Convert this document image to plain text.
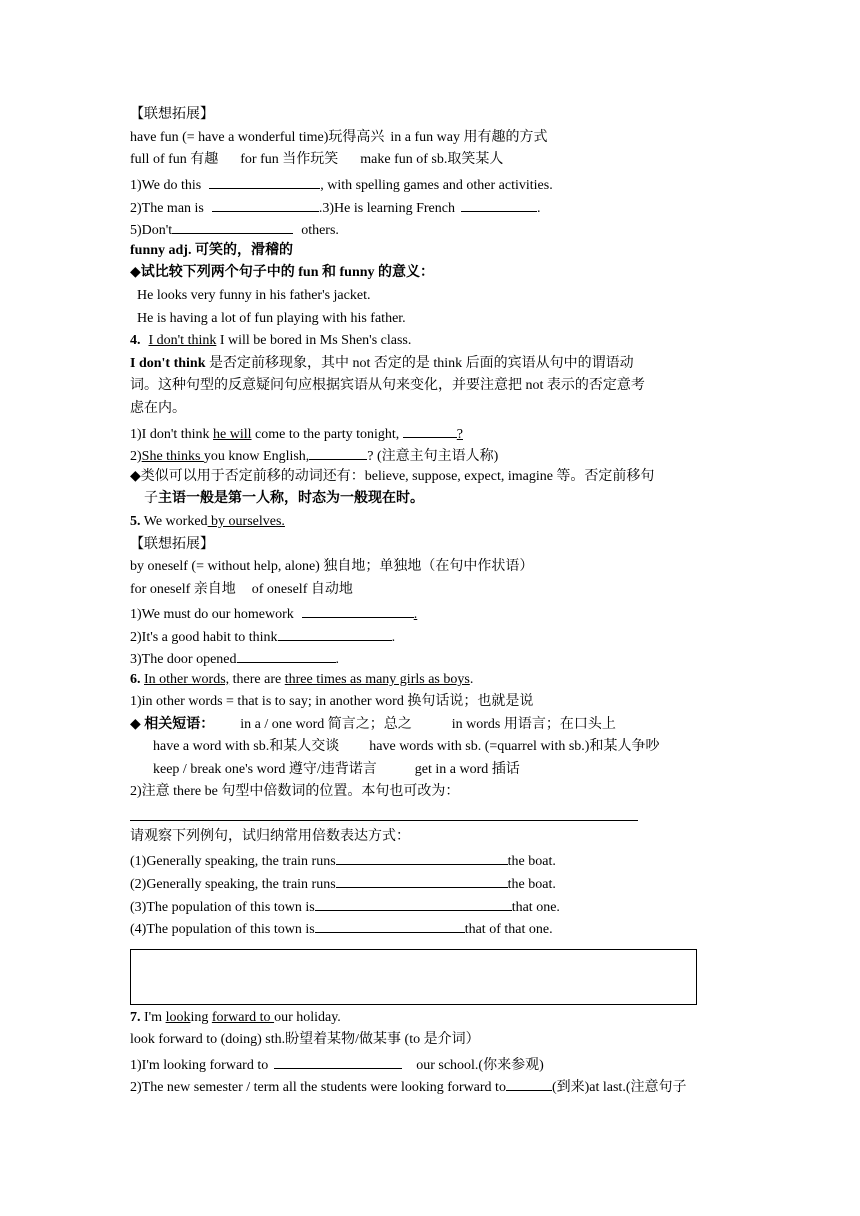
【联想拓展】
have fun (= have a wonderful time)玩得高兴 in a fun way 用有趣的方式
full of fun 有趣 for fun 当作玩笑 make fun of sb.取笑某人
1)We do this	, with spelling games and other activities.
2)The man is	.3)He is learning French	.
5)Don't	others.
funny adj. 可笑的，滑稽的
◆试比较下列两个句子中的 fun 和 funny 的意义：
He looks very funny in his father's jacket.
He is having a lot of fun playing with his father.
4. I don't think I will be bored in Ms Shen's class.
I don't think 是否定前移现象，其中 not 否定的是 think 后面的宾语从句中的谓语动
词。这种句型的反意疑问句应根据宾语从句来变化，并要注意把 not 表示的否定意考
虑在内。
1)I don't think he will come to the party tonight,	?
2)She thinks you know English,	? (注意主句主语人称)
◆类似可以用于否定前移的动词还有：believe, suppose, expect, imagine 等。否定前移句
子主语一般是第一人称，时态为一般现在时。
5. We worked by ourselves.
【联想拓展】
by oneself (= without help, alone) 独自地；单独地（在句中作状语）
for oneself 亲自地 of oneself 自动地
1)We must do our homework	.
2)It's a good habit to think	.
3)The door opened	.
6. In other words, there are three times as many girls as boys.
1)in other words = that is to say; in another word 换句话说；也就是说
◆ 相关短语： in a / one word 简言之；总之	in words 用语言；在口头上
have a word with sb.和某人交谈 have words with sb. (=quarrel with sb.)和某人争吵
keep / break one's word 遵守/违背诺言	get in a word 插话
2)注意 there be 句型中倍数词的位置。本句也可改为：
请观察下列例句，试归纳常用倍数表达方式：
(1)Generally speaking, the train runs	the boat.
(2)Generally speaking, the train runs	the boat.
(3)The population of this town is	that one.
(4)The population of this town is	that of that one.
7. I'm looking forward to our holiday.
look forward to (doing) sth.盼望着某物/做某事 (to 是介词）
1)I'm looking forward to	our school.(你来参观)
2)The new semester / term all the students were looking forward to	(到来)at last.(注意句子
